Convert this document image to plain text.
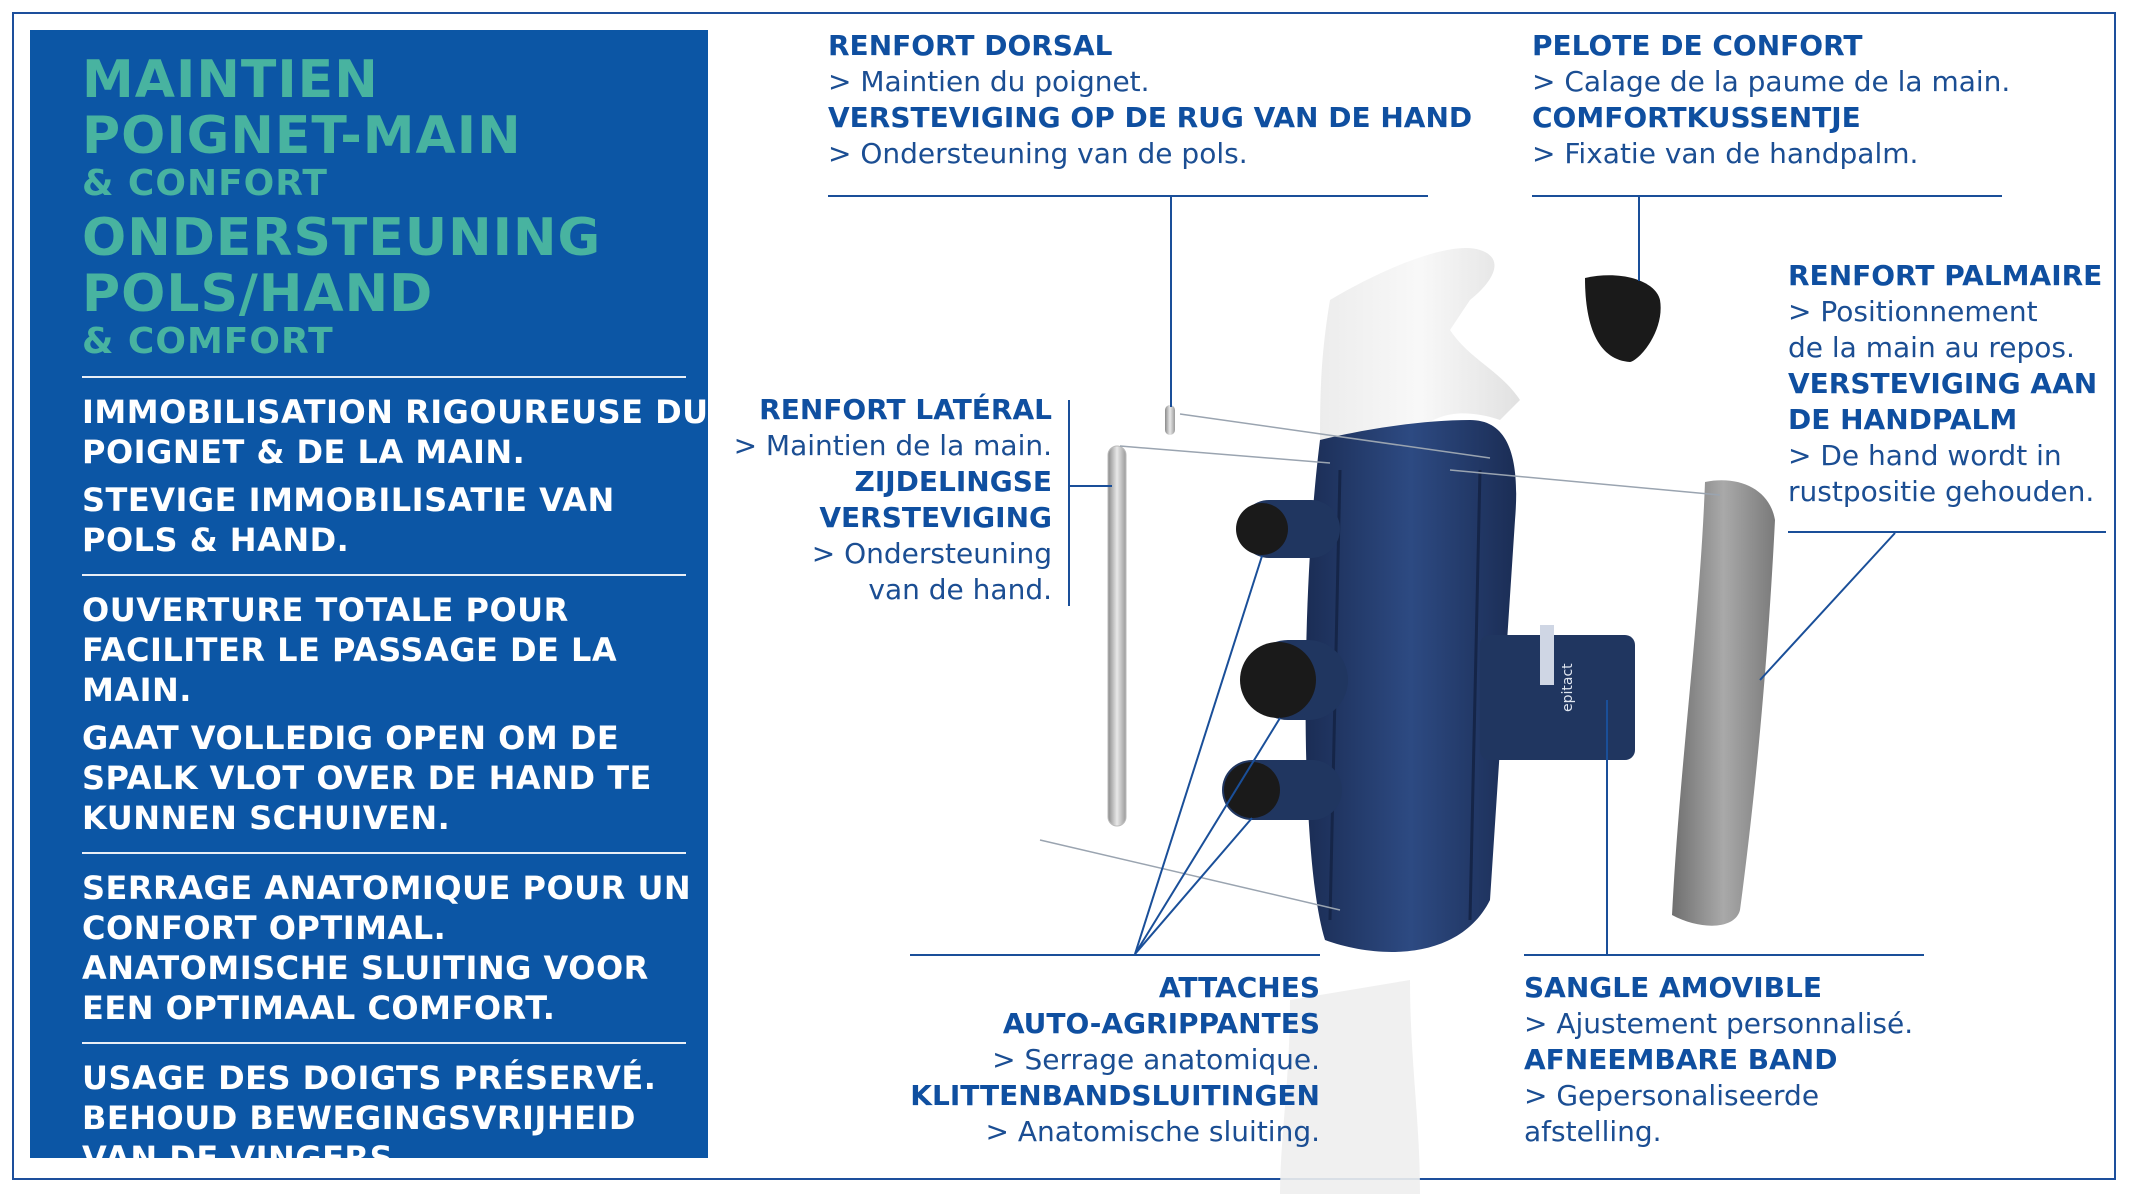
MAINTIEN
POIGNET-MAIN
& CONFORT
ONDERSTEUNING
POLS/HAND
& COMFORT
IMMOBILISATION RIGOUREUSE DU POIGNET & DE LA MAIN.
STEVIGE IMMOBILISATIE VAN POLS & HAND.
OUVERTURE TOTALE POUR FACILITER LE PASSAGE DE LA MAIN.
GAAT VOLLEDIG OPEN OM DE SPALK VLOT OVER DE HAND TE KUNNEN SCHUIVEN.
SERRAGE ANATOMIQUE POUR UN CONFORT OPTIMAL.
ANATOMISCHE SLUITING VOOR EEN OPTIMAAL COMFORT.
USAGE DES DOIGTS PRÉSERVÉ.
BEHOUD BEWEGINGSVRIJHEID VAN DE VINGERS.
epitact
RENFORT DORSAL
> Maintien du poignet.
VERSTEVIGING OP DE RUG VAN DE HAND
> Ondersteuning van de pols.
PELOTE DE CONFORT
> Calage de la paume de la main.
COMFORTKUSSENTJE
> Fixatie van de handpalm.
RENFORT PALMAIRE
> Positionnement
de la main au repos.
VERSTEVIGING AAN
DE HANDPALM
> De hand wordt in
rustpositie gehouden.
RENFORT LATÉRAL
> Maintien de la main.
ZIJDELINGSE
VERSTEVIGING
> Ondersteuning
van de hand.
ATTACHES
AUTO-AGRIPPANTES
> Serrage anatomique.
KLITTENBANDSLUITINGEN
> Anatomische sluiting.
SANGLE AMOVIBLE
> Ajustement personnalisé.
AFNEEMBARE BAND
> Gepersonaliseerde
afstelling.
